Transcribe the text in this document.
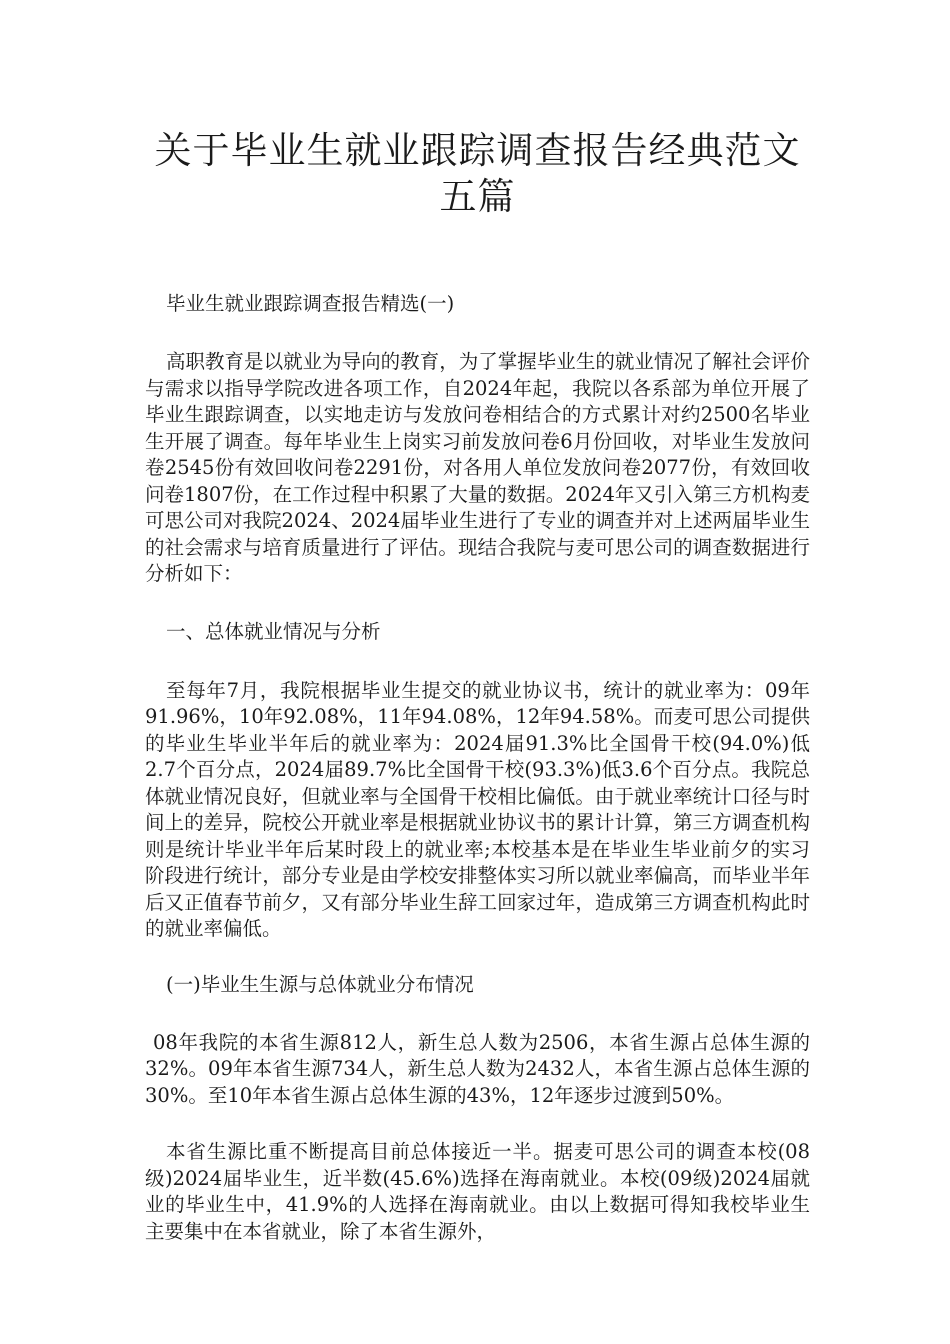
关于毕业生就业跟踪调查报告经典范文五篇

毕业生就业跟踪调查报告精选(一)

高职教育是以就业为导向的教育，为了掌握毕业生的就业情况了解社会评价与需求以指导学院改进各项工作，自2024年起，我院以各系部为单位开展了毕业生跟踪调查，以实地走访与发放问卷相结合的方式累计对约2500名毕业生开展了调查。每年毕业生上岗实习前发放问卷6月份回收，对毕业生发放问卷2545份有效回收问卷2291份，对各用人单位发放问卷2077份，有效回收问卷1807份，在工作过程中积累了大量的数据。2024年又引入第三方机构麦可思公司对我院2024、2024届毕业生进行了专业的调查并对上述两届毕业生的社会需求与培育质量进行了评估。现结合我院与麦可思公司的调查数据进行分析如下：

一、总体就业情况与分析

至每年7月，我院根据毕业生提交的就业协议书，统计的就业率为：09年91.96%，10年92.08%，11年94.08%，12年94.58%。而麦可思公司提供的毕业生毕业半年后的就业率为：2024届91.3%比全国骨干校(94.0%)低2.7个百分点，2024届89.7%比全国骨干校(93.3%)低3.6个百分点。我院总体就业情况良好，但就业率与全国骨干校相比偏低。由于就业率统计口径与时间上的差异，院校公开就业率是根据就业协议书的累计计算，第三方调查机构则是统计毕业半年后某时段上的就业率;本校基本是在毕业生毕业前夕的实习阶段进行统计，部分专业是由学校安排整体实习所以就业率偏高，而毕业半年后又正值春节前夕，又有部分毕业生辞工回家过年，造成第三方调查机构此时的就业率偏低。

(一)毕业生生源与总体就业分布情况

08年我院的本省生源812人，新生总人数为2506，本省生源占总体生源的32%。09年本省生源734人，新生总人数为2432人，本省生源占总体生源的30%。至10年本省生源占总体生源的43%，12年逐步过渡到50%。

本省生源比重不断提高目前总体接近一半。据麦可思公司的调查本校(08级)2024届毕业生，近半数(45.6%)选择在海南就业。本校(09级)2024届就业的毕业生中，41.9%的人选择在海南就业。由以上数据可得知我校毕业生主要集中在本省就业，除了本省生源外，
